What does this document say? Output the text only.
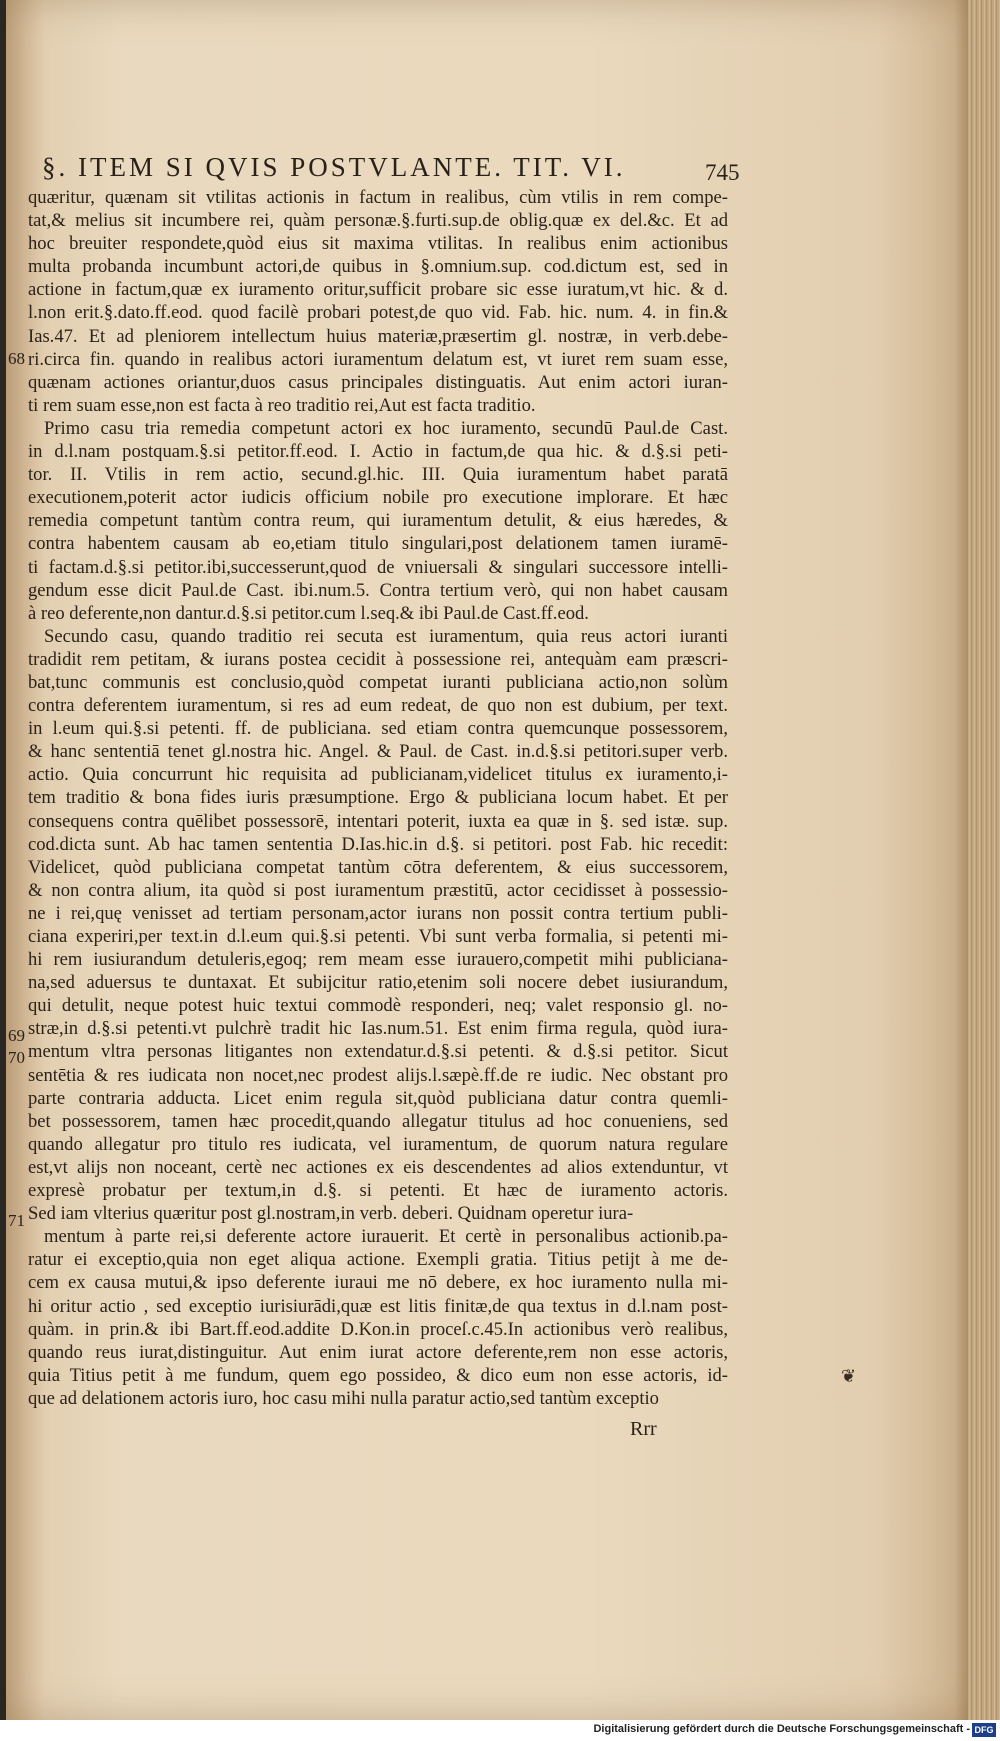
§. ITEM SI QVIS POSTVLANTE. TIT. VI.	745

quæritur, quænam sit vtilitas actionis in factum in realibus, cùm vtilis in rem compe-

tat,& melius sit incumbere rei, quàm personæ.§.furti.sup.de oblig.quæ ex del.&c. Et ad

hoc breuiter respondete,quòd eius sit maxima vtilitas. In realibus enim actionibus

multa probanda incumbunt actori,de quibus in §.omnium.sup. cod.dictum est, sed in

actione in factum,quæ ex iuramento oritur,sufficit probare sic esse iuratum,vt hic. & d.

l.non erit.§.dato.ff.eod. quod facilè probari potest,de quo vid. Fab. hic. num. 4. in fin.&

Ias.47. Et ad pleniorem intellectum huius materiæ,præsertim gl. nostræ, in verb.debe-

ri.circa fin. quando in realibus actori iuramentum delatum est, vt iuret rem suam esse,

quænam actiones oriantur,duos casus principales distinguatis. Aut enim actori iuran-

ti rem suam esse,non est facta à reo traditio rei,Aut est facta traditio.

Primo casu tria remedia competunt actori ex hoc iuramento, secundū Paul.de Cast.

in d.l.nam postquam.§.si petitor.ff.eod. I. Actio in factum,de qua hic. & d.§.si peti-

tor. II. Vtilis in rem actio, secund.gl.hic. III. Quia iuramentum habet paratā

executionem,poterit actor iudicis officium nobile pro executione implorare. Et hæc

remedia competunt tantùm contra reum, qui iuramentum detulit, & eius hæredes, &

contra habentem causam ab eo,etiam titulo singulari,post delationem tamen iuramē-

ti factam.d.§.si petitor.ibi,successerunt,quod de vniuersali & singulari successore intelli-

gendum esse dicit Paul.de Cast. ibi.num.5. Contra tertium verò, qui non habet causam

à reo deferente,non dantur.d.§.si petitor.cum l.seq.& ibi Paul.de Cast.ff.eod.

Secundo casu, quando traditio rei secuta est iuramentum, quia reus actori iuranti

tradidit rem petitam, & iurans postea cecidit à possessione rei, antequàm eam præscri-

bat,tunc communis est conclusio,quòd competat iuranti publiciana actio,non solùm

contra deferentem iuramentum, si res ad eum redeat, de quo non est dubium, per text.

in l.eum qui.§.si petenti. ff. de publiciana. sed etiam contra quemcunque possessorem,

& hanc sententiā tenet gl.nostra hic. Angel. & Paul. de Cast. in.d.§.si petitori.super verb.

actio. Quia concurrunt hic requisita ad publicianam,videlicet titulus ex iuramento,i-

tem traditio & bona fides iuris præsumptione. Ergo & publiciana locum habet. Et per

consequens contra quēlibet possessorē, intentari poterit, iuxta ea quæ in §. sed istæ. sup.

cod.dicta sunt. Ab hac tamen sententia D.Ias.hic.in d.§. si petitori. post Fab. hic recedit:

Videlicet, quòd publiciana competat tantùm cōtra deferentem, & eius successorem,

& non contra alium, ita quòd si post iuramentum præstitū, actor cecidisset à possessio-

ne i rei,quę venisset ad tertiam personam,actor iurans non possit contra tertium publi-

ciana experiri,per text.in d.l.eum qui.§.si petenti. Vbi sunt verba formalia, si petenti mi-

hi rem iusiurandum detuleris,egoq; rem meam esse iurauero,competit mihi publiciana-

na,sed aduersus te duntaxat. Et subijcitur ratio,etenim soli nocere debet iusiurandum,

qui detulit, neque potest huic textui commodè responderi, neq; valet responsio gl. no-

stræ,in d.§.si petenti.vt pulchrè tradit hic Ias.num.51. Est enim firma regula, quòd iura-

mentum vltra personas litigantes non extendatur.d.§.si petenti. & d.§.si petitor. Sicut

sentētia & res iudicata non nocet,nec prodest alijs.l.sæpè.ff.de re iudic. Nec obstant pro

parte contraria adducta. Licet enim regula sit,quòd publiciana datur contra quemli-

bet possessorem, tamen hæc procedit,quando allegatur titulus ad hoc conueniens, sed

quando allegatur pro titulo res iudicata, vel iuramentum, de quorum natura regulare

est,vt alijs non noceant, certè nec actiones ex eis descendentes ad alios extenduntur, vt

expresè probatur per textum,in d.§. si petenti. Et hæc de iuramento actoris.

Sed iam vlterius quæritur post gl.nostram,in verb. deberi. Quidnam operetur iura-

mentum à parte rei,si deferente actore iurauerit. Et certè in personalibus actionib.pa-

ratur ei exceptio,quia non eget aliqua actione. Exempli gratia. Titius petijt à me de-

cem ex causa mutui,& ipso deferente iuraui me nō debere, ex hoc iuramento nulla mi-

hi oritur actio , sed exceptio iurisiurādi,quæ est litis finitæ,de qua textus in d.l.nam post-

quàm. in prin.& ibi Bart.ff.eod.addite D.Kon.in proceſ.c.45.In actionibus verò realibus,

quando reus iurat,distinguitur. Aut enim iurat actore deferente,rem non esse actoris,

quia Titius petit à me fundum, quem ego possideo, & dico eum non esse actoris, id-

que ad delationem actoris iuro, hoc casu mihi nulla paratur actio,sed tantùm exceptio

68
69
70
71
❦
Rrr
Digitalisierung gefördert durch die Deutsche Forschungsgemeinschaft - DFG
